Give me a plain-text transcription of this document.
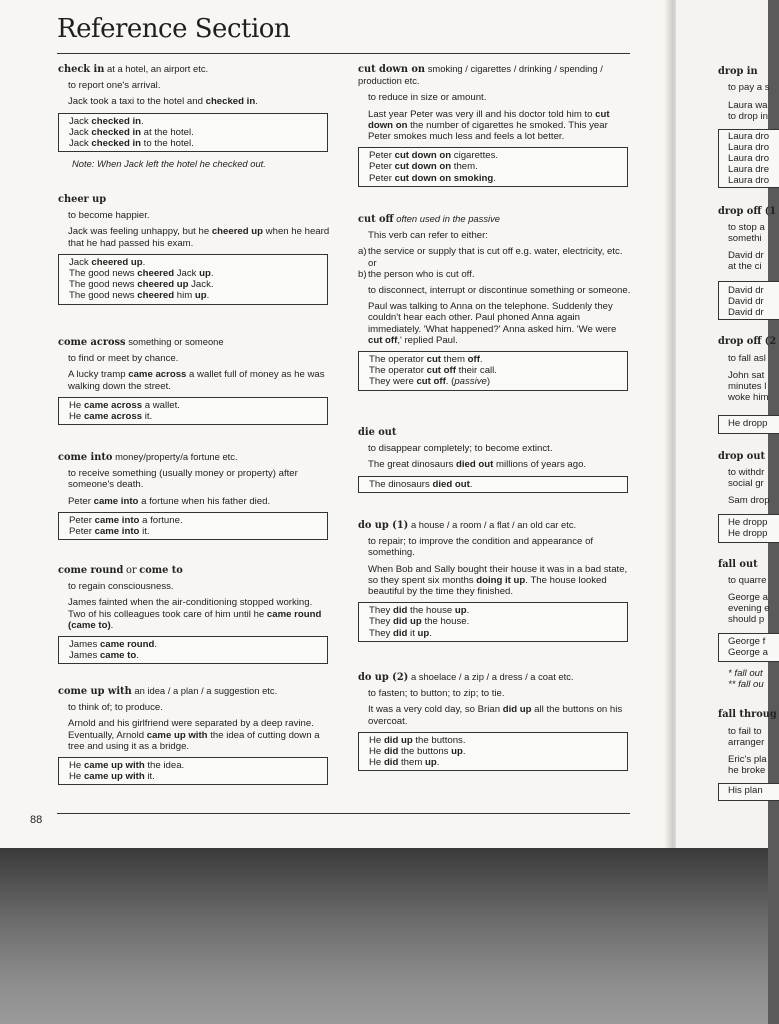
Reference Section
88
check in at a hotel, an airport etc.
to report one's arrival.
Jack took a taxi to the hotel and checked in.
Jack checked in.
Jack checked in at the hotel.
Jack checked in to the hotel.
Note: When Jack left the hotel he checked out.
cheer up
to become happier.
Jack was feeling unhappy, but he cheered up when he heard that he had passed his exam.
Jack cheered up.
The good news cheered Jack up.
The good news cheered up Jack.
The good news cheered him up.
come across something or someone
to find or meet by chance.
A lucky tramp came across a wallet full of money as he was walking down the street.
He came across a wallet.
He came across it.
come into money/property/a fortune etc.
to receive something (usually money or property) after someone's death.
Peter came into a fortune when his father died.
Peter came into a fortune.
Peter came into it.
come round or come to
to regain consciousness.
James fainted when the air-conditioning stopped working. Two of his colleagues took care of him until he came round (came to).
James came round.
James came to.
come up with an idea / a plan / a suggestion etc.
to think of; to produce.
Arnold and his girlfriend were separated by a deep ravine. Eventually, Arnold came up with the idea of cutting down a tree and using it as a bridge.
He came up with the idea.
He came up with it.
cut down on smoking / cigarettes / drinking / spending / production etc.
to reduce in size or amount.
Last year Peter was very ill and his doctor told him to cut down on the number of cigarettes he smoked. This year Peter smokes much less and feels a lot better.
Peter cut down on cigarettes.
Peter cut down on them.
Peter cut down on smoking.
cut off often used in the passive
This verb can refer to either:
a) the service or supply that is cut off e.g. water, electricity, etc. or
b) the person who is cut off.
to disconnect, interrupt or discontinue something or someone.
Paul was talking to Anna on the telephone. Suddenly they couldn't hear each other. Paul phoned Anna again immediately. 'What happened?' Anna asked him. 'We were cut off,' replied Paul.
The operator cut them off.
The operator cut off their call.
They were cut off. (passive)
die out
to disappear completely; to become extinct.
The great dinosaurs died out millions of years ago.
The dinosaurs died out.
do up (1) a house / a room / a flat / an old car etc.
to repair; to improve the condition and appearance of something.
When Bob and Sally bought their house it was in a bad state, so they spent six months doing it up. The house looked beautiful by the time they finished.
They did the house up.
They did up the house.
They did it up.
do up (2) a shoelace / a zip / a dress / a coat etc.
to fasten; to button; to zip; to tie.
It was a very cold day, so Brian did up all the buttons on his overcoat.
He did up the buttons.
He did the buttons up.
He did them up.
drop in
drop off (1
drop off (2
drop out
fall out
fall throug
to pay a s
Laura wa
to drop in
Laura dro
Laura dro
Laura dro
Laura dre
Laura dro
to stop a
somethi
David dr
at the ci
David dr
David dr
David dr
to fall asl
John sat
minutes l
woke him
He dropp
to withdr
social gr
Sam drop
He dropp
He dropp
to quarre
George a
evening e
should p
George f
George a
* fall out
** fall ou
to fail to
arranger
Eric's pla
he broke
His plan
